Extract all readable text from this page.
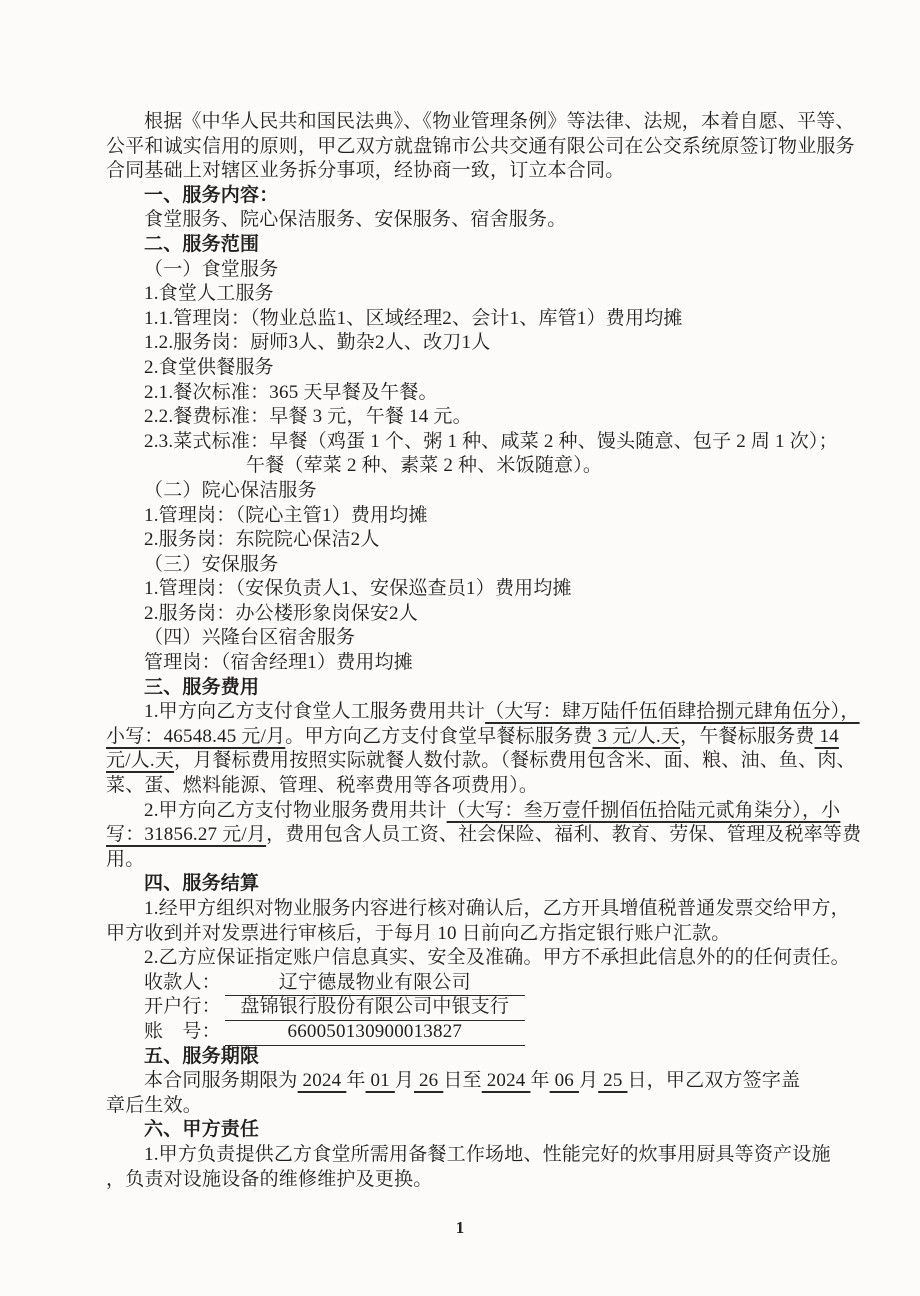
根据《中华人民共和国民法典》、《物业管理条例》等法律、法规，本着自愿、平等、
公平和诚实信用的原则，甲乙双方就盘锦市公共交通有限公司在公交系统原签订物业服务
合同基础上对辖区业务拆分事项，经协商一致，订立本合同。
一、服务内容：
食堂服务、院心保洁服务、安保服务、宿舍服务。
二、服务范围
（一）食堂服务
1.食堂人工服务
1.1.管理岗：（物业总监1、区域经理2、会计1、库管1）费用均摊
1.2.服务岗：厨师3人、勤杂2人、改刀1人
2.食堂供餐服务
2.1.餐次标准：365 天早餐及午餐。
2.2.餐费标准：早餐 3 元，午餐 14 元。
2.3.菜式标准：早餐（鸡蛋 1 个、粥 1 种、咸菜 2 种、馒头随意、包子 2 周 1 次）；
午餐（荤菜 2 种、素菜 2 种、米饭随意）。
（二）院心保洁服务
1.管理岗：（院心主管1）费用均摊
2.服务岗：东院院心保洁2人
（三）安保服务
1.管理岗：（安保负责人1、安保巡查员1）费用均摊
2.服务岗：办公楼形象岗保安2人
（四）兴隆台区宿舍服务
管理岗：（宿舍经理1）费用均摊
三、服务费用
1.甲方向乙方支付食堂人工服务费用共计（大写：肆万陆仟伍佰肆拾捌元肆角伍分），
小写：46548.45 元/月。甲方向乙方支付食堂早餐标服务费 3 元/人.天，午餐标服务费 14
元/人.天，月餐标费用按照实际就餐人数付款。（餐标费用包含米、面、粮、油、鱼、肉、
菜、蛋、燃料能源、管理、税率费用等各项费用）。
2.甲方向乙方支付物业服务费用共计（大写：叁万壹仟捌佰伍拾陆元贰角柒分），小
写：31856.27 元/月，费用包含人员工资、社会保险、福利、教育、劳保、管理及税率等费
用。
四、服务结算
1.经甲方组织对物业服务内容进行核对确认后，乙方开具增值税普通发票交给甲方，
甲方收到并对发票进行审核后，于每月 10 日前向乙方指定银行账户汇款。
2.乙方应保证指定账户信息真实、安全及准确。甲方不承担此信息外的的任何责任。
收款人：	辽宁德晟物业有限公司
开户行： 盘锦银行股份有限公司中银支行
账　号：	660050130900013827
五、服务期限
本合同服务期限为 2024 年 01 月 26 日至 2024 年 06 月 25 日，甲乙双方签字盖
章后生效。
六、甲方责任
1.甲方负责提供乙方食堂所需用备餐工作场地、性能完好的炊事用厨具等资产设施
，负责对设施设备的维修维护及更换。
1
